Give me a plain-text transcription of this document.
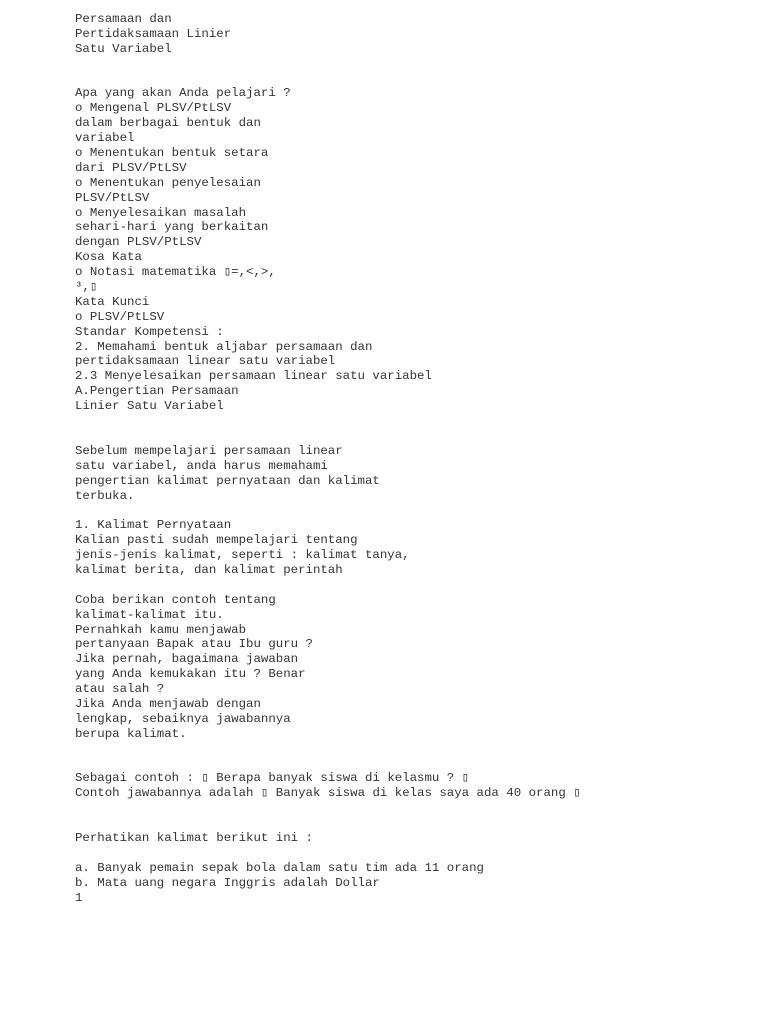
Persamaan dan
Pertidaksamaan Linier
Satu Variabel
Apa yang akan Anda pelajari ?
o Mengenal PLSV/PtLSV
dalam berbagai bentuk dan
variabel
o Menentukan bentuk setara
dari PLSV/PtLSV
o Menentukan penyelesaian
PLSV/PtLSV
o Menyelesaikan masalah
sehari-hari yang berkaitan
dengan PLSV/PtLSV
Kosa Kata
o Notasi matematika ▯=,<,>,
³,▯
Kata Kunci
o PLSV/PtLSV
Standar Kompetensi :
2. Memahami bentuk aljabar persamaan dan
pertidaksamaan linear satu variabel
2.3 Menyelesaikan persamaan linear satu variabel
A.Pengertian Persamaan
Linier Satu Variabel
Sebelum mempelajari persamaan linear
satu variabel, anda harus memahami
pengertian kalimat pernyataan dan kalimat
terbuka.
1. Kalimat Pernyataan
Kalian pasti sudah mempelajari tentang
jenis-jenis kalimat, seperti : kalimat tanya,
kalimat berita, dan kalimat perintah
Coba berikan contoh tentang
kalimat-kalimat itu.
Pernahkah kamu menjawab
pertanyaan Bapak atau Ibu guru ?
Jika pernah, bagaimana jawaban
yang Anda kemukakan itu ? Benar
atau salah ?
Jika Anda menjawab dengan
lengkap, sebaiknya jawabannya
berupa kalimat.
Sebagai contoh : ▯ Berapa banyak siswa di kelasmu ? ▯
Contoh jawabannya adalah ▯ Banyak siswa di kelas saya ada 40 orang ▯
Perhatikan kalimat berikut ini :
a. Banyak pemain sepak bola dalam satu tim ada 11 orang
b. Mata uang negara Inggris adalah Dollar
1
